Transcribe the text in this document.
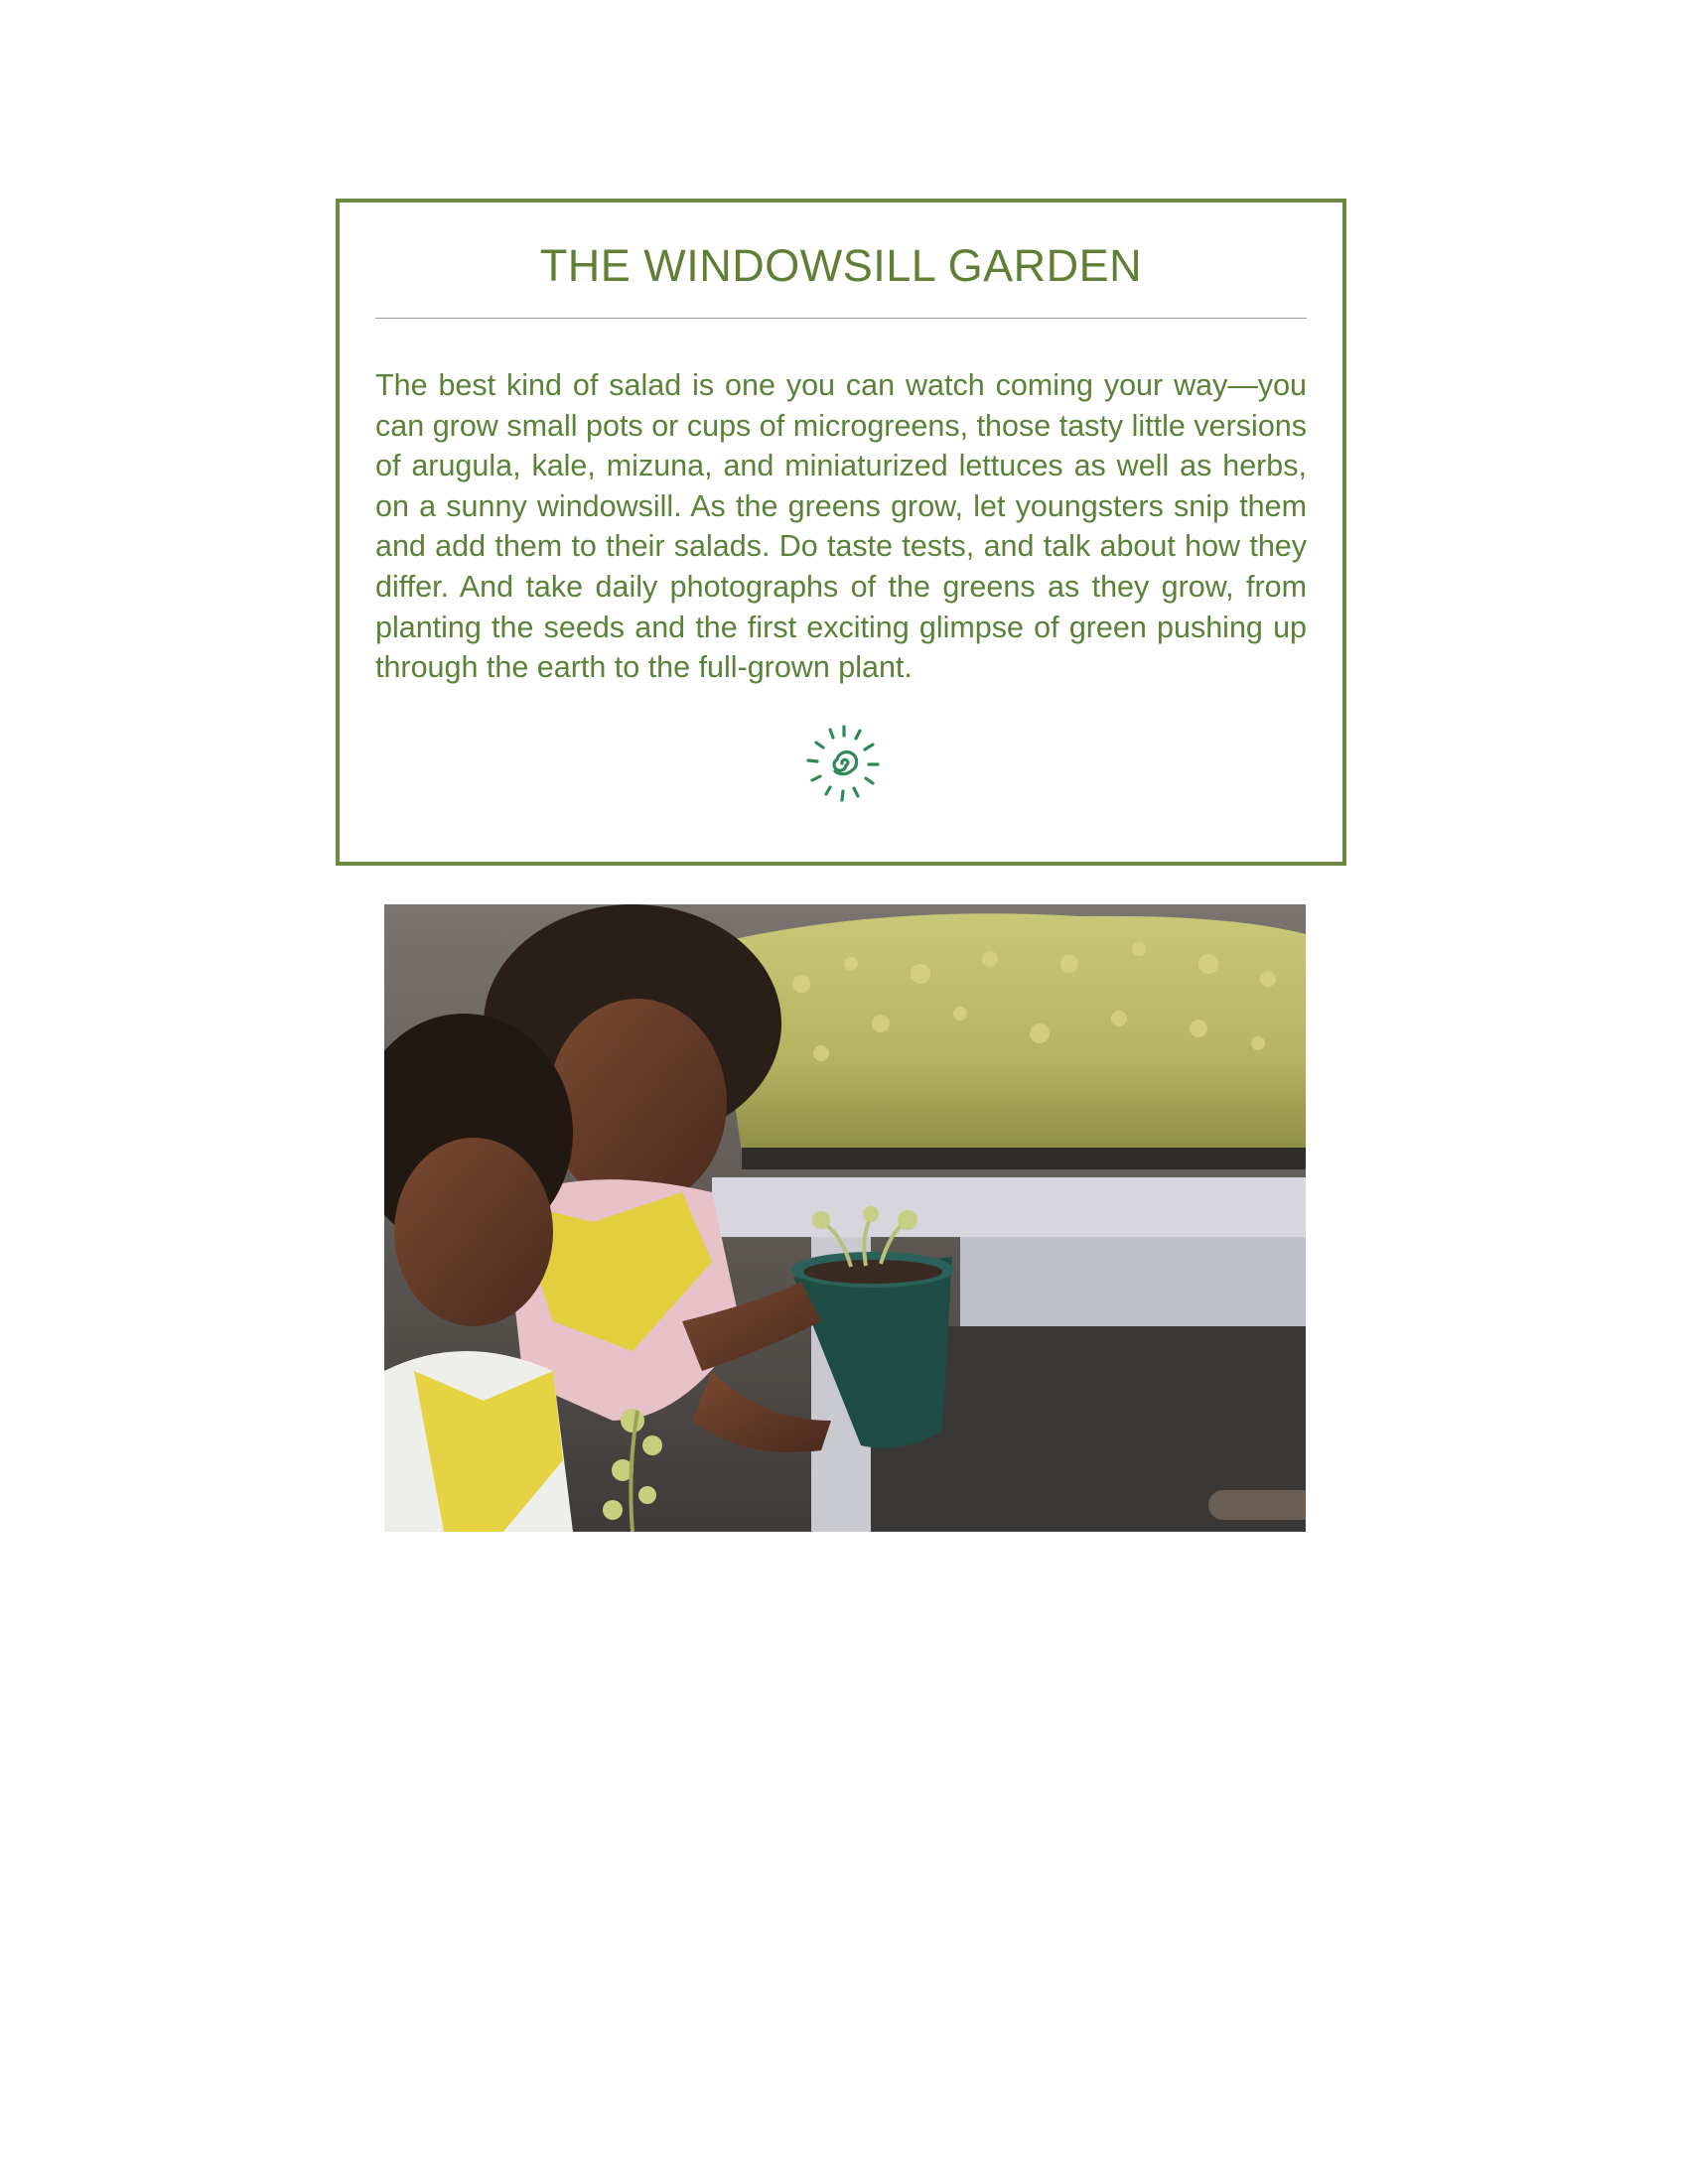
THE WINDOWSILL GARDEN

The best kind of salad is one you can watch coming your way—you can grow small pots or cups of microgreens, those tasty little versions of arugula, kale, mizuna, and miniaturized lettuces as well as herbs, on a sunny windowsill. As the greens grow, let youngsters snip them and add them to their salads. Do taste tests, and talk about how they differ. And take daily photographs of the greens as they grow, from planting the seeds and the first exciting glimpse of green pushing up through the earth to the full-grown plant.
